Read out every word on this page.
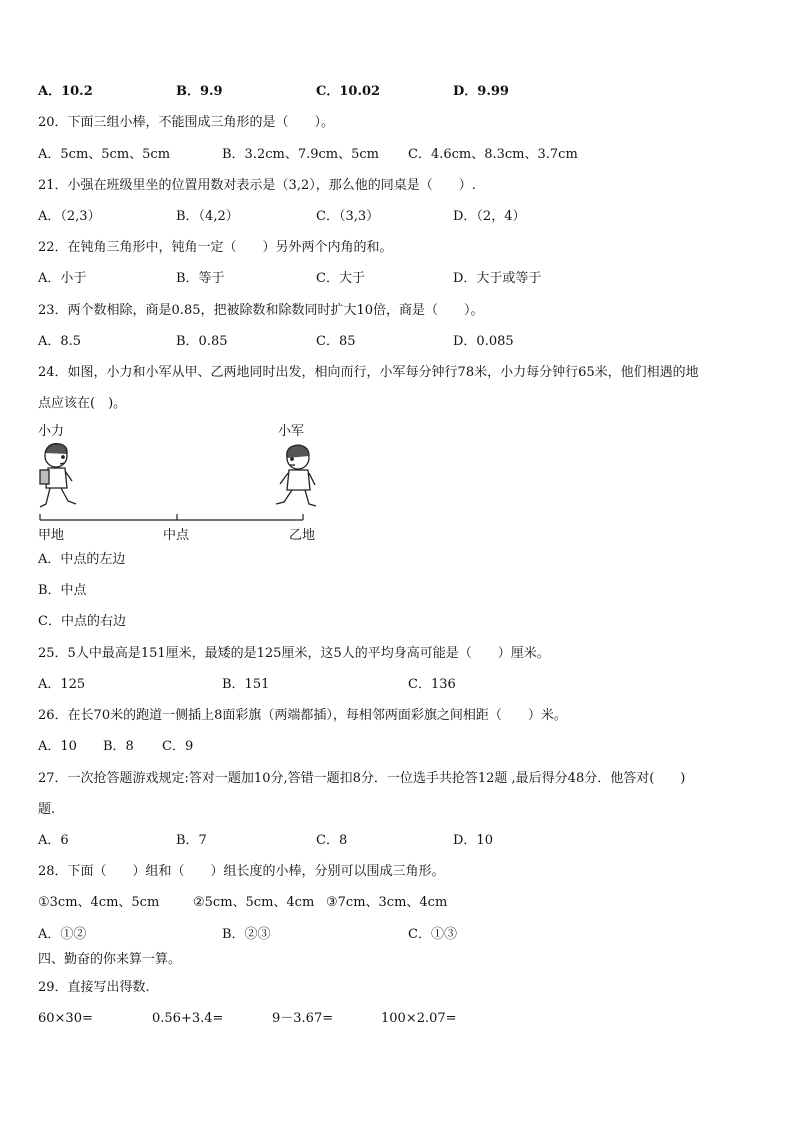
A．10.2	B．9.9	C．10.02	D．9.99
20．下面三组小棒，不能围成三角形的是（　　）。
A．5cm、5cm、5cm	B．3.2cm、7.9cm、5cm C．4.6cm、8.3cm、3.7cm
21．小强在班级里坐的位置用数对表示是（3,2），那么他的同桌是（　　）.
A．（2,3）	B．（4,2）	C．（3,3）	D．（2，4）
22．在钝角三角形中，钝角一定（　　）另外两个内角的和。
A．小于	B．等于	C．大于	D．大于或等于
23．两个数相除，商是0.85，把被除数和除数同时扩大10倍，商是（　　）。
A．8.5	B．0.85	C．85	D．0.085
24．如图，小力和小军从甲、乙两地同时出发，相向而行，小军每分钟行78米，小力每分钟行65米，他们相遇的地
点应该在(　)。
小力	小军
甲地	中点	乙地
A．中点的左边
B．中点
C．中点的右边
25．5人中最高是151厘米，最矮的是125厘米，这5人的平均身高可能是（　　）厘米。
A．125	B．151	C．136
26．在长70米的跑道一侧插上8面彩旗（两端都插），每相邻两面彩旗之间相距（　　）米。
A．10 B．8 C．9
27．一次抢答题游戏规定:答对一题加10分,答错一题扣8分．一位选手共抢答12题 ,最后得分48分．他答对(　　)
题.
A．6	B．7	C．8	D．10
28．下面（　　）组和（　　）组长度的小棒，分别可以围成三角形。
①3cm、4cm、5cm	②5cm、5cm、4cm ③7cm、3cm、4cm
A．①②	B．②③	C．①③
四、勤奋的你来算一算。
29．直接写出得数.
60×30=	0.56+3.4=	9－3.67=	100×2.07=
